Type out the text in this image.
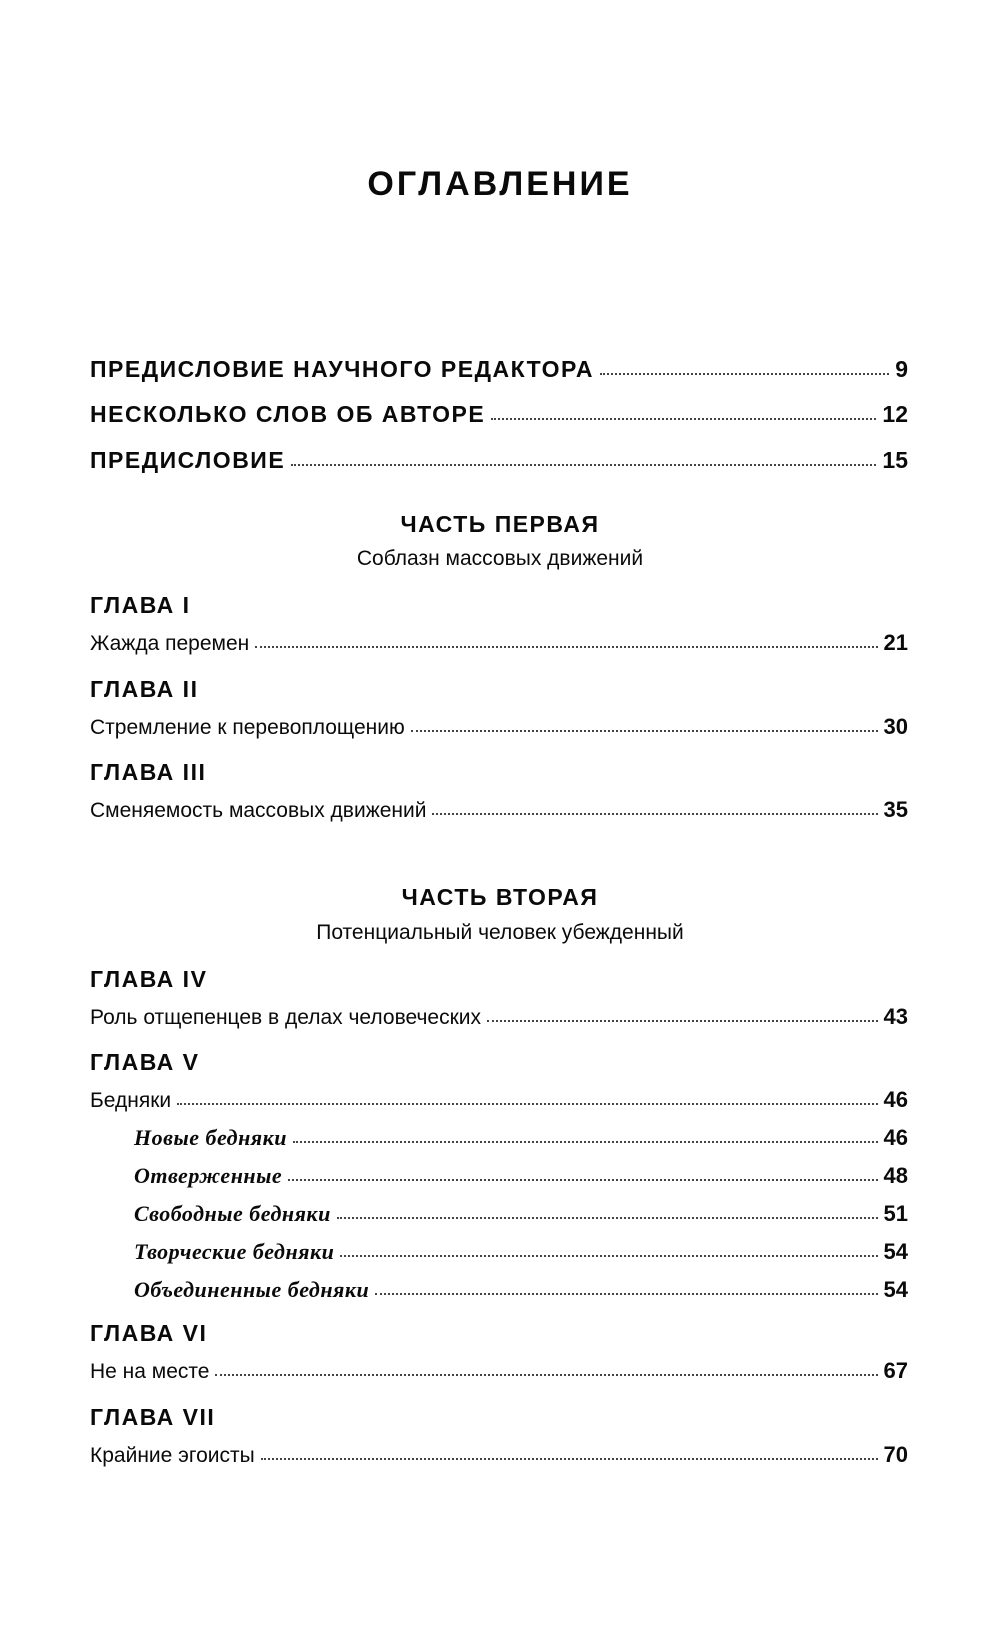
ОГЛАВЛЕНИЕ
ПРЕДИСЛОВИЕ НАУЧНОГО РЕДАКТОРА	9
НЕСКОЛЬКО СЛОВ ОБ АВТОРЕ	12
ПРЕДИСЛОВИЕ	15
ЧАСТЬ ПЕРВАЯ
Соблазн массовых движений
ГЛАВА I
Жажда перемен	21
ГЛАВА II
Стремление к перевоплощению	30
ГЛАВА III
Сменяемость массовых движений	35
ЧАСТЬ ВТОРАЯ
Потенциальный человек убежденный
ГЛАВА IV
Роль отщепенцев в делах человеческих	43
ГЛАВА V
Бедняки	46
Новые бедняки	46
Отверженные	48
Свободные бедняки	51
Творческие бедняки	54
Объединенные бедняки	54
ГЛАВА VI
Не на месте	67
ГЛАВА VII
Крайние эгоисты	70
